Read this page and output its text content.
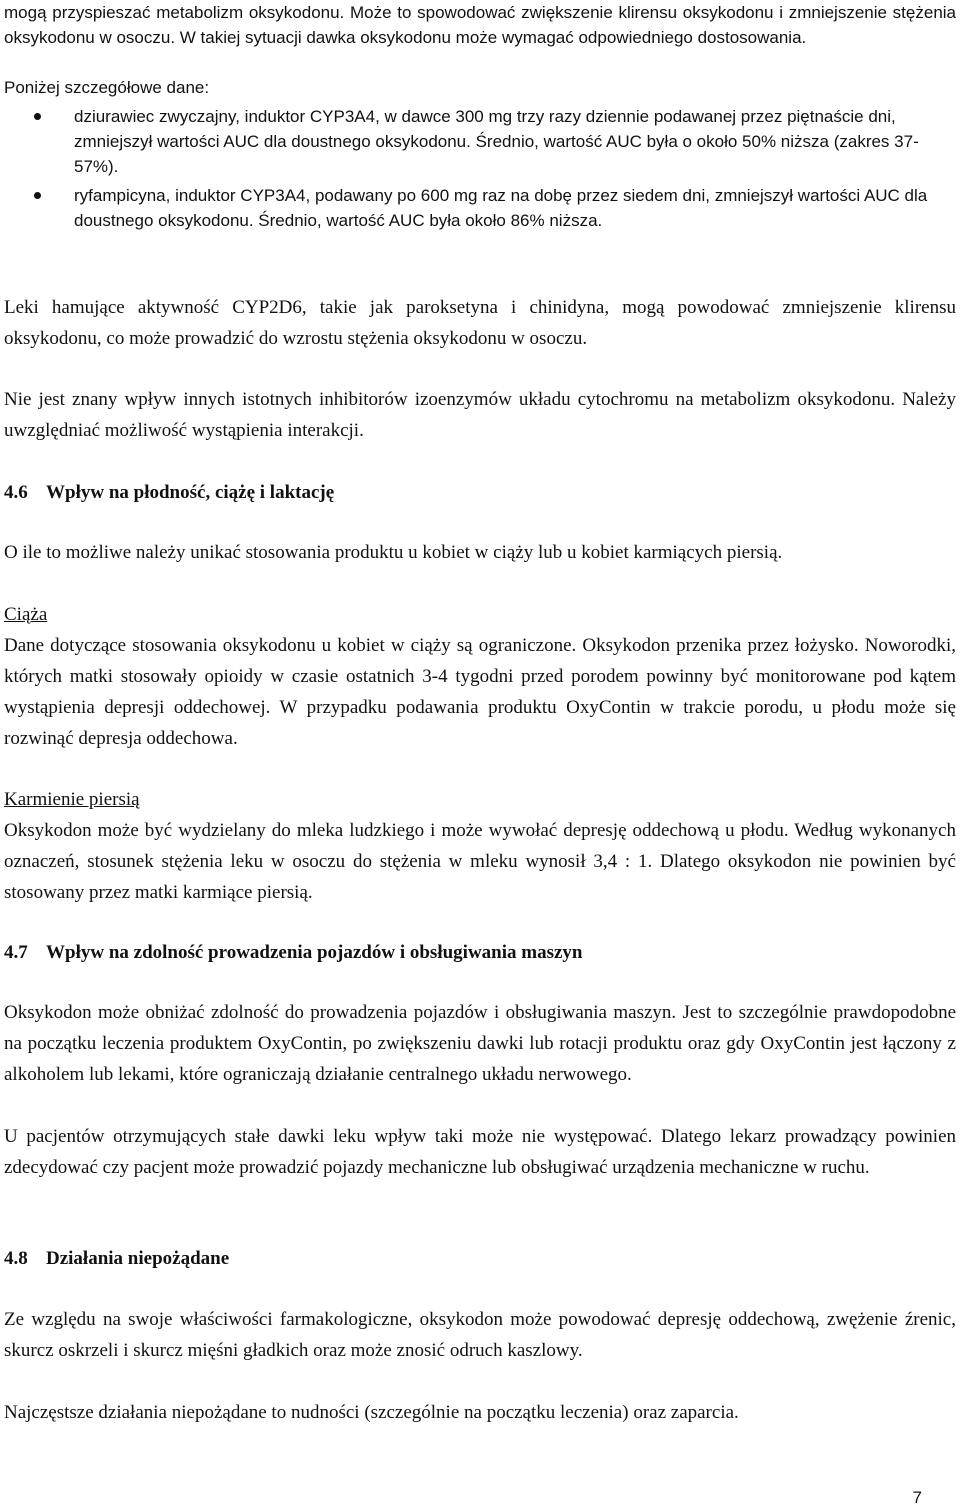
mogą przyspieszać metabolizm oksykodonu. Może to spowodować zwiększenie klirensu oksykodonu i zmniejszenie stężenia oksykodonu w osoczu. W takiej sytuacji dawka oksykodonu może wymagać odpowiedniego dostosowania.

Poniżej szczegółowe dane:

dziurawiec zwyczajny, induktor CYP3A4, w dawce 300 mg trzy razy dziennie podawanej przez piętnaście dni, zmniejszył wartości AUC dla doustnego oksykodonu. Średnio, wartość AUC była o około 50% niższa (zakres 37-57%).
ryfampicyna, induktor CYP3A4, podawany po 600 mg raz na dobę przez siedem dni, zmniejszył wartości AUC dla doustnego oksykodonu. Średnio, wartość AUC była około 86% niższa.

Leki hamujące aktywność CYP2D6, takie jak paroksetyna i chinidyna, mogą powodować zmniejszenie klirensu oksykodonu, co może prowadzić do wzrostu stężenia oksykodonu w osoczu.

Nie jest znany wpływ innych istotnych inhibitorów izoenzymów układu cytochromu na metabolizm oksykodonu. Należy uwzględniać możliwość wystąpienia interakcji.

4.6 Wpływ na płodność, ciążę i laktację

O ile to możliwe należy unikać stosowania produktu u kobiet w ciąży lub u kobiet karmiących piersią.

Ciąża

Dane dotyczące stosowania oksykodonu u kobiet w ciąży są ograniczone. Oksykodon przenika przez łożysko. Noworodki, których matki stosowały opioidy w czasie ostatnich 3-4 tygodni przed porodem powinny być monitorowane pod kątem wystąpienia depresji oddechowej. W przypadku podawania produktu OxyContin w trakcie porodu, u płodu może się rozwinąć depresja oddechowa.

Karmienie piersią

Oksykodon może być wydzielany do mleka ludzkiego i może wywołać depresję oddechową u płodu. Według wykonanych oznaczeń, stosunek stężenia leku w osoczu do stężenia w mleku wynosił 3,4 : 1. Dlatego oksykodon nie powinien być stosowany przez matki karmiące piersią.

4.7 Wpływ na zdolność prowadzenia pojazdów i obsługiwania maszyn

Oksykodon może obniżać zdolność do prowadzenia pojazdów i obsługiwania maszyn. Jest to szczególnie prawdopodobne na początku leczenia produktem OxyContin, po zwiększeniu dawki lub rotacji produktu oraz gdy OxyContin jest łączony z alkoholem lub lekami, które ograniczają działanie centralnego układu nerwowego.

U pacjentów otrzymujących stałe dawki leku wpływ taki może nie występować. Dlatego lekarz prowadzący powinien zdecydować czy pacjent może prowadzić pojazdy mechaniczne lub obsługiwać urządzenia mechaniczne w ruchu.

4.8 Działania niepożądane

Ze względu na swoje właściwości farmakologiczne, oksykodon może powodować depresję oddechową, zwężenie źrenic, skurcz oskrzeli i skurcz mięśni gładkich oraz może znosić odruch kaszlowy.

Najczęstsze działania niepożądane to nudności (szczególnie na początku leczenia) oraz zaparcia.

7
